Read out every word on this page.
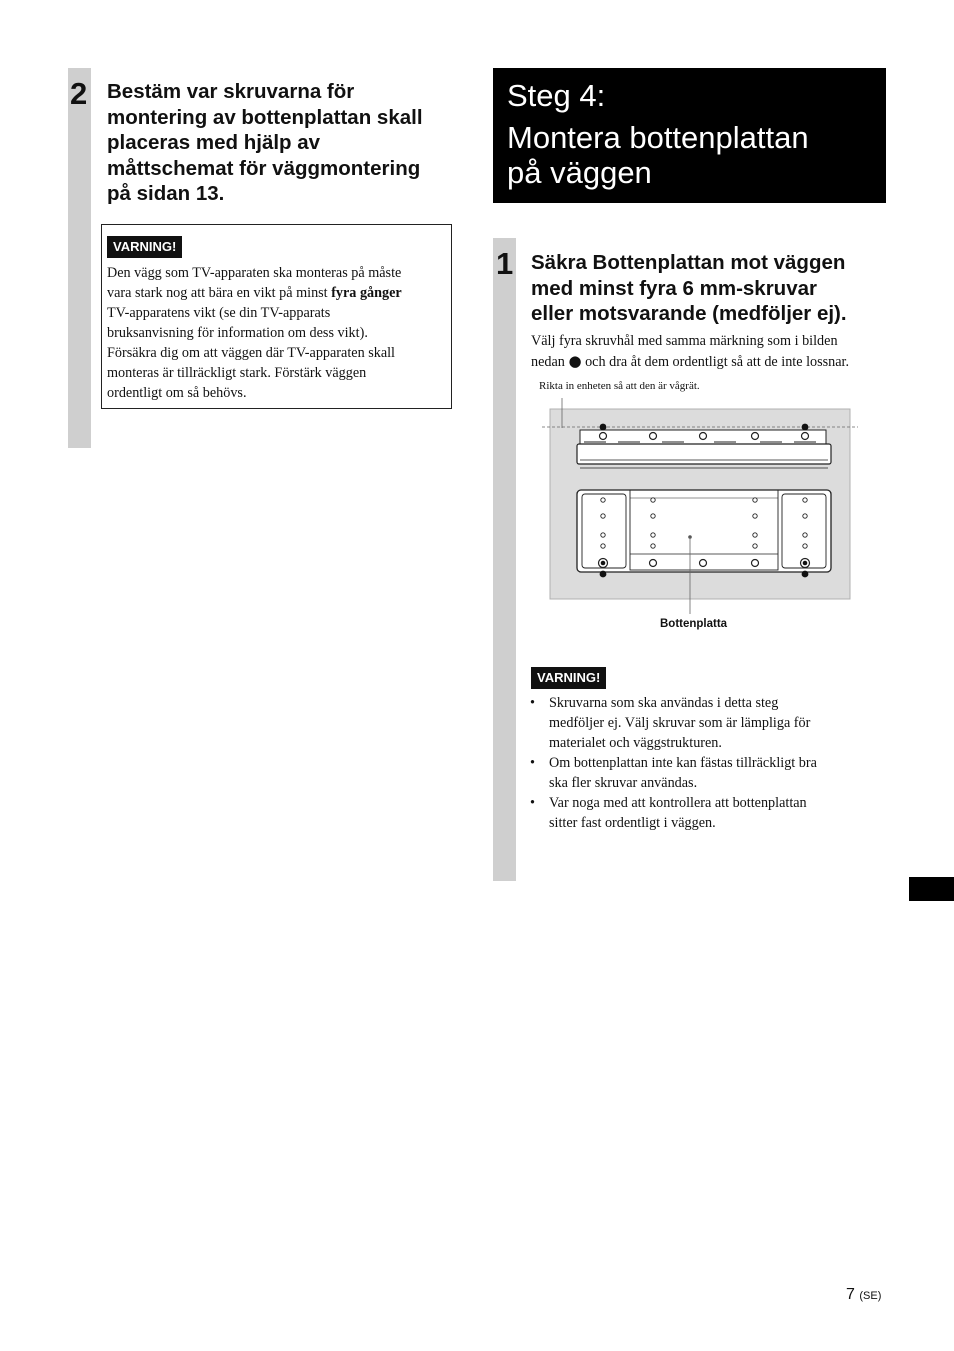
2 Bestäm var skruvarna för
montering av bottenplattan skall
placeras med hjälp av
måttschemat för väggmontering
på sidan 13.
VARNING!
Den vägg som TV-apparaten ska monteras på måste
vara stark nog att bära en vikt på minst fyra gånger
TV-apparatens vikt (se din TV-apparats
bruksanvisning för information om dess vikt).
Försäkra dig om att väggen där TV-apparaten skall
monteras är tillräckligt stark. Förstärk väggen
ordentligt om så behövs.
Steg 4:
Montera bottenplattan
på väggen
1 Säkra Bottenplattan mot väggen
med minst fyra 6 mm-skruvar
eller motsvarande (medföljer ej).
Välj fyra skruvhål med samma märkning som i bilden
nedan ● och dra åt dem ordentligt så att de inte lossnar.
Rikta in enheten så att den är vågrät.
Bottenplatta
VARNING!
• Skruvarna som ska användas i detta steg
medföljer ej. Välj skruvar som är lämpliga för
materialet och väggstrukturen.
• Om bottenplattan inte kan fästas tillräckligt bra
ska fler skruvar användas.
• Var noga med att kontrollera att bottenplattan
sitter fast ordentligt i väggen.
7 (SE)
